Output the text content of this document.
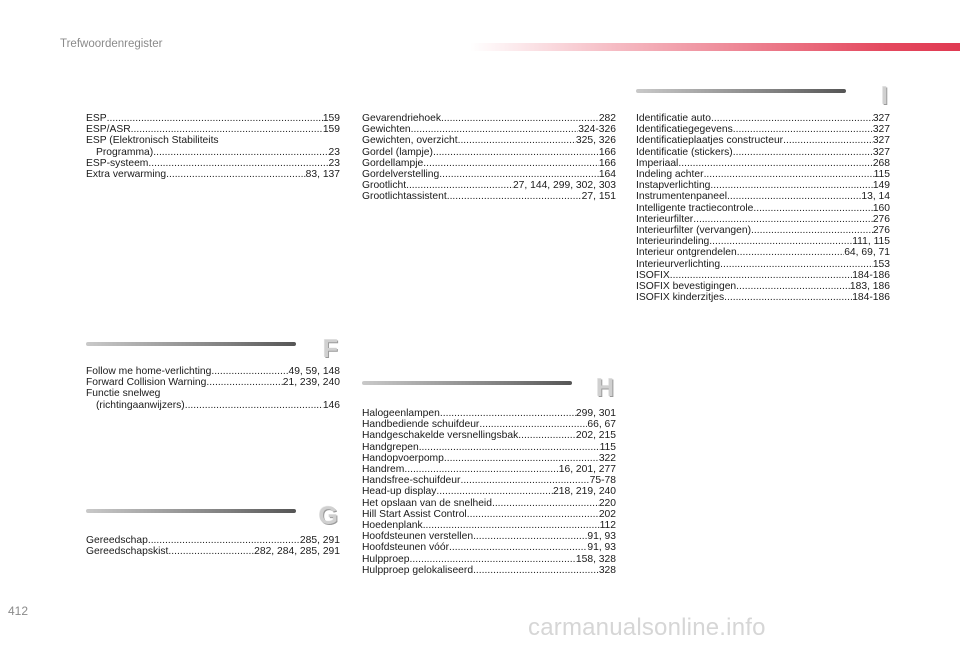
Trefwoordenregister
ESP .....	159
ESP/ASR .....	159
ESP (Elektronisch Stabiliteits
Programma) .....	23
ESP-systeem .....	23
Extra verwarming .....	83, 137
F
Follow me home-verlichting .....	49, 59, 148
Forward Collision Warning .....	21, 239, 240
Functie snelweg
(richtingaanwijzers) .....	146
G
Gereedschap .....	285, 291
Gereedschapskist .....	282, 284, 285, 291
Gevarendriehoek .....	282
Gewichten .....	324-326
Gewichten, overzicht .....	325, 326
Gordel (lampje) .....	166
Gordellampje .....	166
Gordelverstelling .....	164
Grootlicht .....	27, 144, 299, 302, 303
Grootlichtassistent .....	27, 151
H
Halogeenlampen .....	299, 301
Handbediende schuifdeur .....	66, 67
Handgeschakelde versnellingsbak .....	202, 215
Handgrepen .....	115
Handopvoerpomp .....	322
Handrem .....	16, 201, 277
Handsfree-schuifdeur .....	75-78
Head-up display .....	218, 219, 240
Het opslaan van de snelheid .....	220
Hill Start Assist Control .....	202
Hoedenplank .....	112
Hoofdsteunen verstellen .....	91, 93
Hoofdsteunen vóór .....	91, 93
Hulpproep .....	158, 328
Hulpproep gelokaliseerd .....	328
I
Identificatie auto .....	327
Identificatiegegevens .....	327
Identificatieplaatjes constructeur .....	327
Identificatie (stickers) .....	327
Imperiaal .....	268
Indeling achter .....	115
Instapverlichting .....	149
Instrumentenpaneel .....	13, 14
Intelligente tractiecontrole .....	160
Interieurfilter .....	276
Interieurfilter (vervangen) .....	276
Interieurindeling .....	111, 115
Interieur ontgrendelen .....	64, 69, 71
Interieurverlichting .....	153
ISOFIX .....	184-186
ISOFIX bevestigingen .....	183, 186
ISOFIX kinderzitjes .....	184-186
412
carmanualsonline.info
